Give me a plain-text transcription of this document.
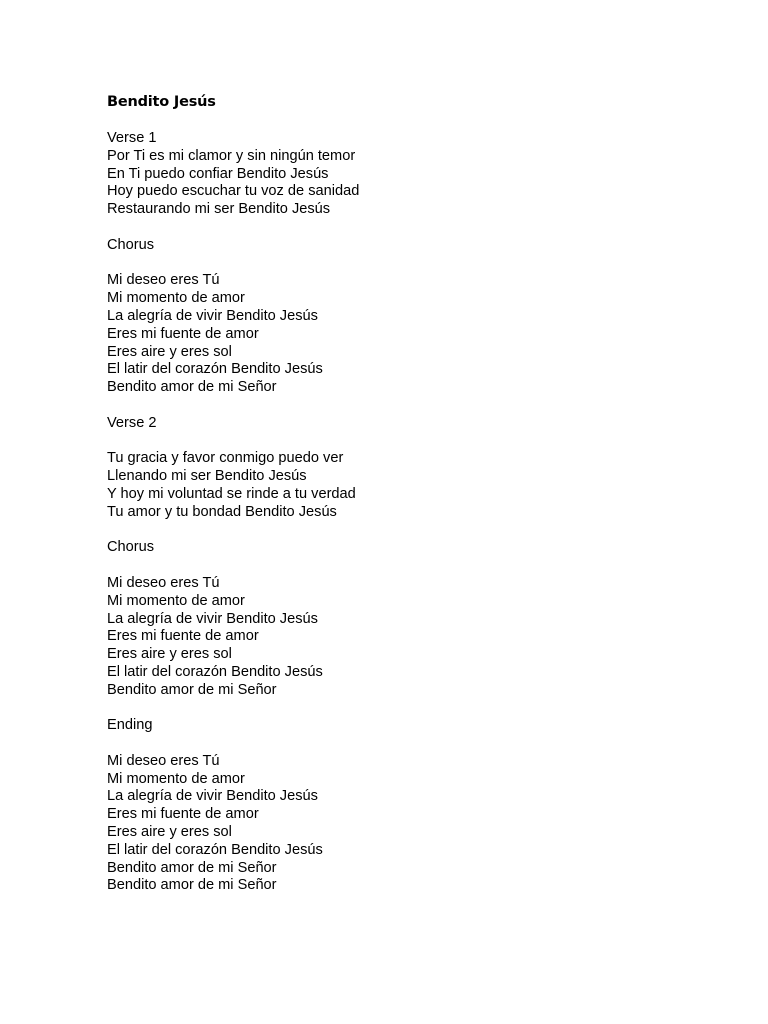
Bendito Jesús
Verse 1
Por Ti es mi clamor y sin ningún temor
En Ti puedo confiar Bendito Jesús
Hoy puedo escuchar tu voz de sanidad
Restaurando mi ser Bendito Jesús
Chorus
Mi deseo eres Tú
Mi momento de amor
La alegría de vivir Bendito Jesús
Eres mi fuente de amor
Eres aire y eres sol
El latir del corazón Bendito Jesús
Bendito amor de mi Señor
Verse 2
Tu gracia y favor conmigo puedo ver
Llenando mi ser Bendito Jesús
Y hoy mi voluntad se rinde a tu verdad
Tu amor y tu bondad Bendito Jesús
Chorus
Mi deseo eres Tú
Mi momento de amor
La alegría de vivir Bendito Jesús
Eres mi fuente de amor
Eres aire y eres sol
El latir del corazón Bendito Jesús
Bendito amor de mi Señor
Ending
Mi deseo eres Tú
Mi momento de amor
La alegría de vivir Bendito Jesús
Eres mi fuente de amor
Eres aire y eres sol
El latir del corazón Bendito Jesús
Bendito amor de mi Señor
Bendito amor de mi Señor
